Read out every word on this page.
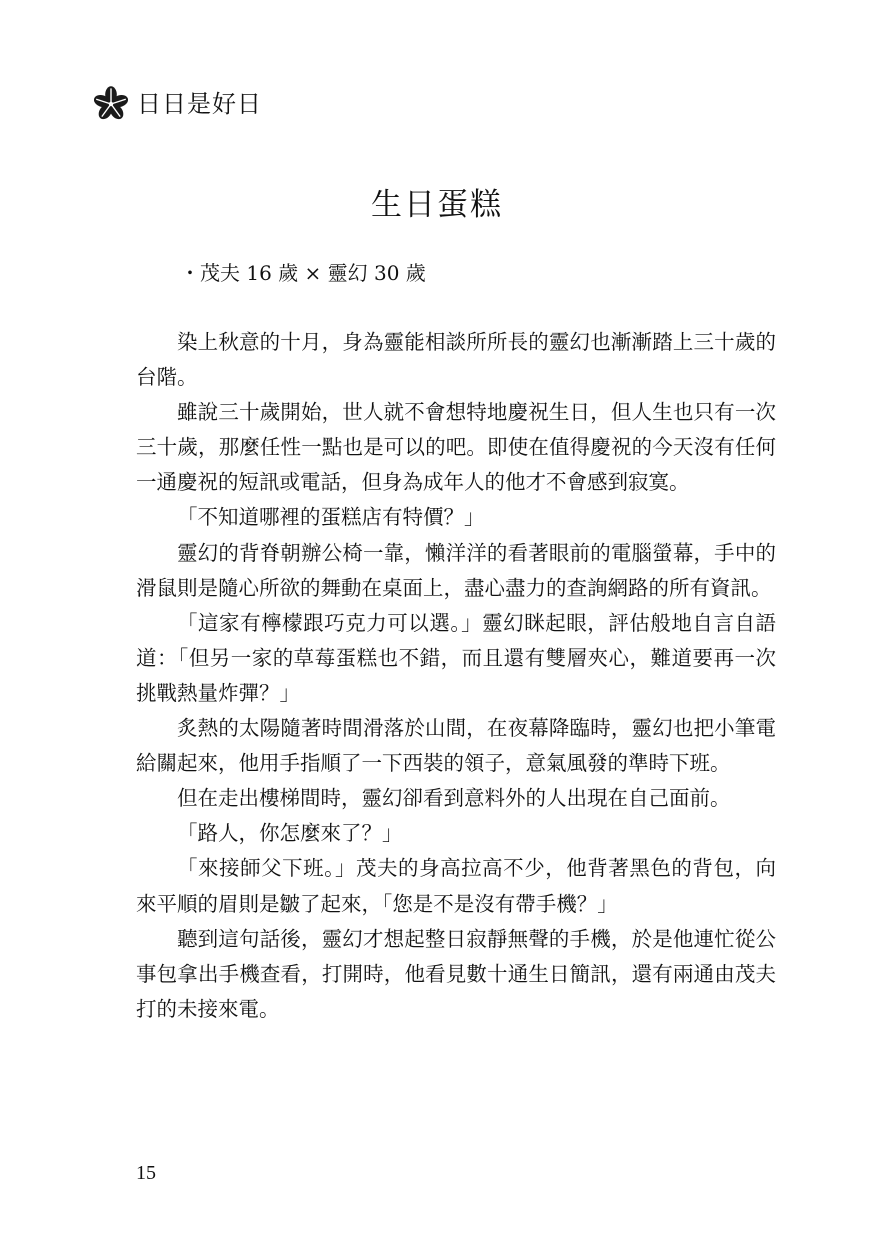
日日是好日
生日蛋糕
・茂夫 16 歲 × 靈幻 30 歲

染上秋意的十月，身為靈能相談所所長的靈幻也漸漸踏上三十歲的台階。

雖說三十歲開始，世人就不會想特地慶祝生日，但人生也只有一次三十歲，那麼任性一點也是可以的吧。即使在值得慶祝的今天沒有任何一通慶祝的短訊或電話，但身為成年人的他才不會感到寂寞。

「不知道哪裡的蛋糕店有特價？」

靈幻的背脊朝辦公椅一靠，懶洋洋的看著眼前的電腦螢幕，手中的滑鼠則是隨心所欲的舞動在桌面上，盡心盡力的查詢網路的所有資訊。

「這家有檸檬跟巧克力可以選。」靈幻眯起眼，評估般地自言自語道：「但另一家的草莓蛋糕也不錯，而且還有雙層夾心，難道要再一次挑戰熱量炸彈？」

炙熱的太陽隨著時間滑落於山間，在夜幕降臨時，靈幻也把小筆電給關起來，他用手指順了一下西裝的領子，意氣風發的準時下班。

但在走出樓梯間時，靈幻卻看到意料外的人出現在自己面前。

「路人，你怎麼來了？」

「來接師父下班。」茂夫的身高拉高不少，他背著黑色的背包，向來平順的眉則是皺了起來，「您是不是沒有帶手機？」

聽到這句話後，靈幻才想起整日寂靜無聲的手機，於是他連忙從公事包拿出手機查看，打開時，他看見數十通生日簡訊，還有兩通由茂夫打的未接來電。

15
